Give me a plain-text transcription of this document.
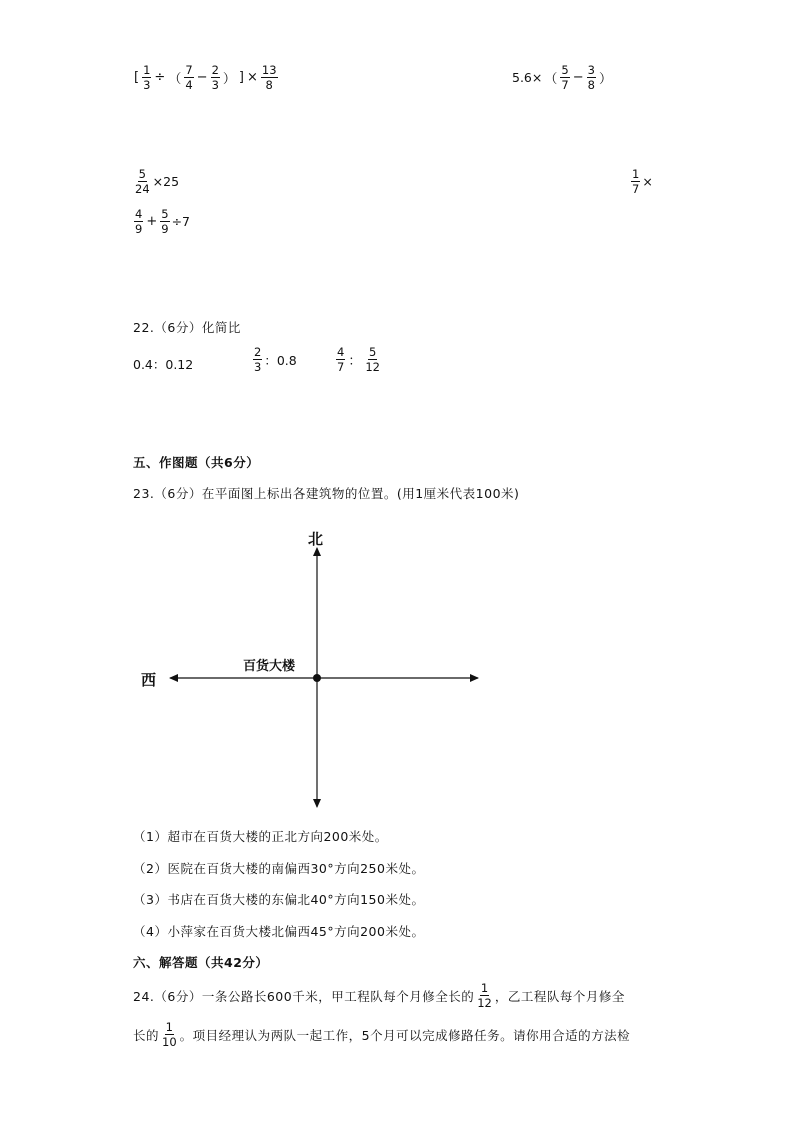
[ $\frac{1}{3}$ ÷ （ $\frac{7}{4} - \frac{2}{3}$ ） ] × $\frac{13}{8}$	5.6× （ $\frac{5}{7} - \frac{3}{8}$ ）
$\frac{5}{24} \times 25$	$\frac{1}{7}$ ×
$\frac{4}{9} + \frac{5}{9} \div 7$
22.（6分）化简比
0.4：0.12	$\frac{2}{3}$ ：0.8	$\frac{4}{7}$ ： $\frac{5}{12}$
五、作图题（共6分）
23.（6分）在平面图上标出各建筑物的位置。(用1厘米代表100米)
北
西
百货大楼
（1）超市在百货大楼的正北方向200米处。
（2）医院在百货大楼的南偏西30°方向250米处。
（3）书店在百货大楼的东偏北40°方向150米处。
（4）小萍家在百货大楼北偏西45°方向200米处。
六、解答题（共42分）
24.（6分）一条公路长600千米，甲工程队每个月修全长的 $\frac{1}{12}$ ，乙工程队每个月修全
长的 $\frac{1}{10}$ 。项目经理认为两队一起工作，5个月可以完成修路任务。请你用合适的方法检
